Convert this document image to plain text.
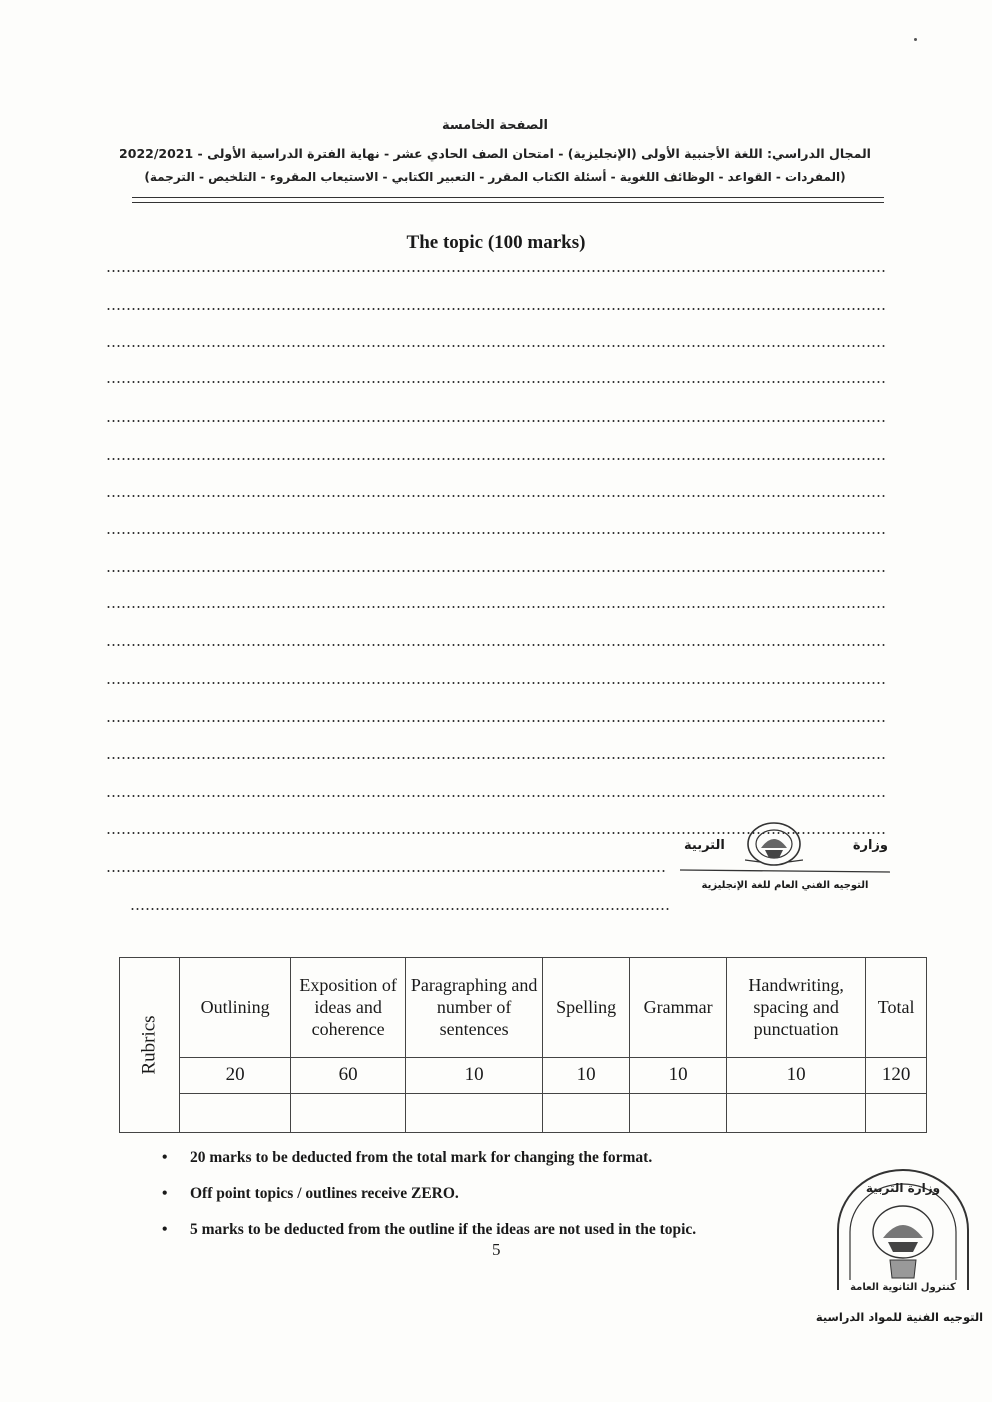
الصفحة الخامسة
المجال الدراسي: اللغة الأجنبية الأولى (الإنجليزية) - امتحان الصف الحادي عشر - نهاية الفترة الدراسية الأولى - 2022/2021
(المفردات - القواعد - الوظائف اللغوية - أسئلة الكتاب المقرر - التعبير الكتابي - الاستيعاب المقروء - التلخيص - الترجمة)
The topic (100 marks)
التربية	وزارة
التوجيه الفني العام للغة الإنجليزية
Rubrics	Outlining	Exposition of ideas and coherence	Paragraphing and number of sentences	Spelling	Grammar	Handwriting, spacing and punctuation	Total
	20	60	10	10	10	10	120

• 20 marks to be deducted from the total mark for changing the format.
• Off point topics / outlines receive ZERO.
• 5 marks to be deducted from the outline if the ideas are not used in the topic.
5
وزارة التربية
كنترول الثانوية العامة
التوجيه الفنية للمواد الدراسية
